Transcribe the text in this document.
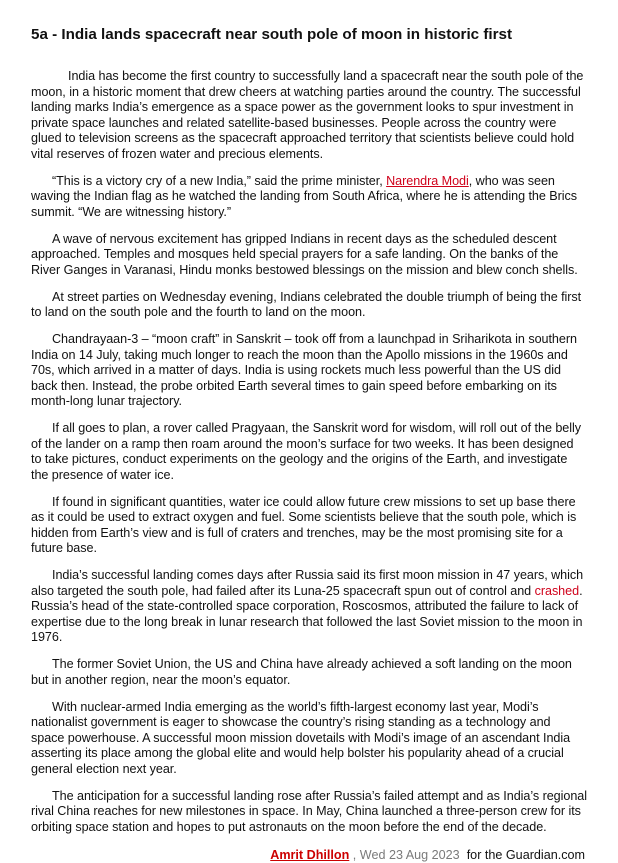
5a - India lands spacecraft near south pole of moon in historic first

India has become the first country to successfully land a spacecraft near the south pole of the moon, in a historic moment that drew cheers at watching parties around the country. The successful landing marks India’s emergence as a space power as the government looks to spur investment in private space launches and related satellite-based businesses. People across the country were glued to television screens as the spacecraft approached territory that scientists believe could hold vital reserves of frozen water and precious elements.

“This is a victory cry of a new India,” said the prime minister, Narendra Modi, who was seen waving the Indian flag as he watched the landing from South Africa, where he is attending the Brics summit. “We are witnessing history.”

A wave of nervous excitement has gripped Indians in recent days as the scheduled descent approached. Temples and mosques held special prayers for a safe landing. On the banks of the River Ganges in Varanasi, Hindu monks bestowed blessings on the mission and blew conch shells.

At street parties on Wednesday evening, Indians celebrated the double triumph of being the first to land on the south pole and the fourth to land on the moon.

Chandrayaan-3 – “moon craft” in Sanskrit – took off from a launchpad in Sriharikota in southern India on 14 July, taking much longer to reach the moon than the Apollo missions in the 1960s and 70s, which arrived in a matter of days. India is using rockets much less powerful than the US did back then. Instead, the probe orbited Earth several times to gain speed before embarking on its month-long lunar trajectory.

If all goes to plan, a rover called Pragyaan, the Sanskrit word for wisdom, will roll out of the belly of the lander on a ramp then roam around the moon’s surface for two weeks. It has been designed to take pictures, conduct experiments on the geology and the origins of the Earth, and investigate the presence of water ice.

If found in significant quantities, water ice could allow future crew missions to set up base there as it could be used to extract oxygen and fuel. Some scientists believe that the south pole, which is hidden from Earth’s view and is full of craters and trenches, may be the most promising site for a future base.

India’s successful landing comes days after Russia said its first moon mission in 47 years, which also targeted the south pole, had failed after its Luna-25 spacecraft spun out of control and crashed. Russia’s head of the state-controlled space corporation, Roscosmos, attributed the failure to lack of expertise due to the long break in lunar research that followed the last Soviet mission to the moon in 1976.

The former Soviet Union, the US and China have already achieved a soft landing on the moon but in another region, near the moon’s equator.

With nuclear-armed India emerging as the world’s fifth-largest economy last year, Modi’s nationalist government is eager to showcase the country’s rising standing as a technology and space powerhouse. A successful moon mission dovetails with Modi’s image of an ascendant India asserting its place among the global elite and would help bolster his popularity ahead of a crucial general election next year.

The anticipation for a successful landing rose after Russia’s failed attempt and as India’s regional rival China reaches for new milestones in space. In May, China launched a three-person crew for its orbiting space station and hopes to put astronauts on the moon before the end of the decade.

Amrit Dhillon , Wed 23 Aug 2023 for the Guardian.com
